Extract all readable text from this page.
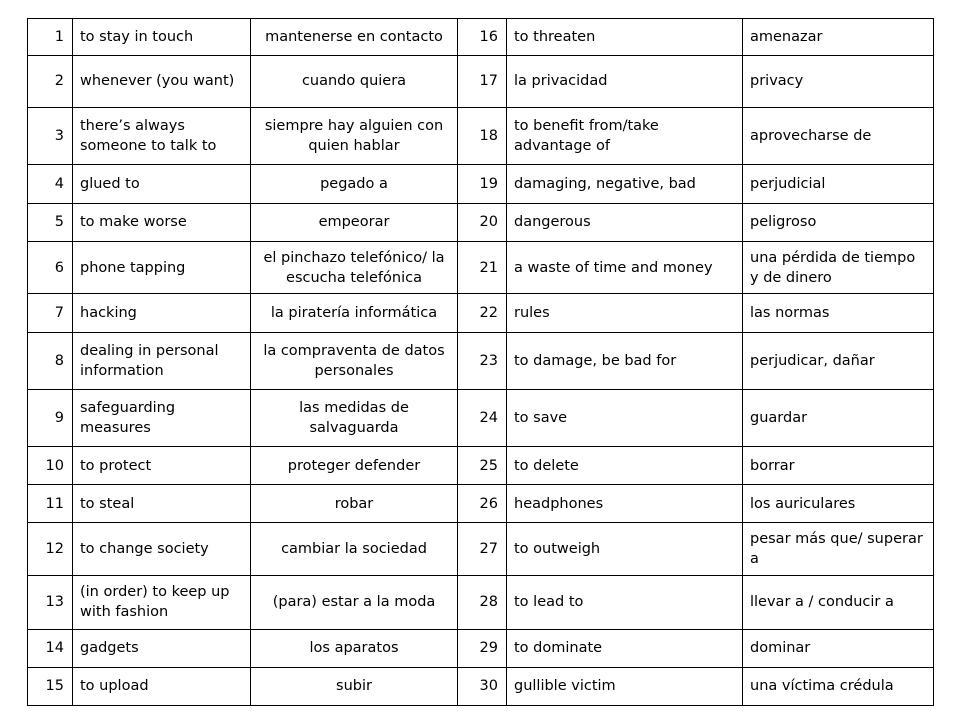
1	to stay in touch	mantenerse en contacto	16	to threaten	amenazar
2	whenever (you want)	cuando quiera	17	la privacidad	privacy
3	there’s always someone to talk to	siempre hay alguien con quien hablar	18	to benefit from/take advantage of	aprovecharse de
4	glued to	pegado a	19	damaging, negative, bad	perjudicial
5	to make worse	empeorar	20	dangerous	peligroso
6	phone tapping	el pinchazo telefónico/ la escucha telefónica	21	a waste of time and money	una pérdida de tiempo y de dinero
7	hacking	la piratería informática	22	rules	las normas
8	dealing in personal information	la compraventa de datos personales	23	to damage, be bad for	perjudicar, dañar
9	safeguarding measures	las medidas de salvaguarda	24	to save	guardar
10	to protect	proteger defender	25	to delete	borrar
11	to steal	robar	26	headphones	los auriculares
12	to change society	cambiar la sociedad	27	to outweigh	pesar más que/ superar a
13	(in order) to keep up with fashion	(para) estar a la moda	28	to lead to	llevar a / conducir a
14	gadgets	los aparatos	29	to dominate	dominar
15	to upload	subir	30	gullible victim	una víctima crédula
